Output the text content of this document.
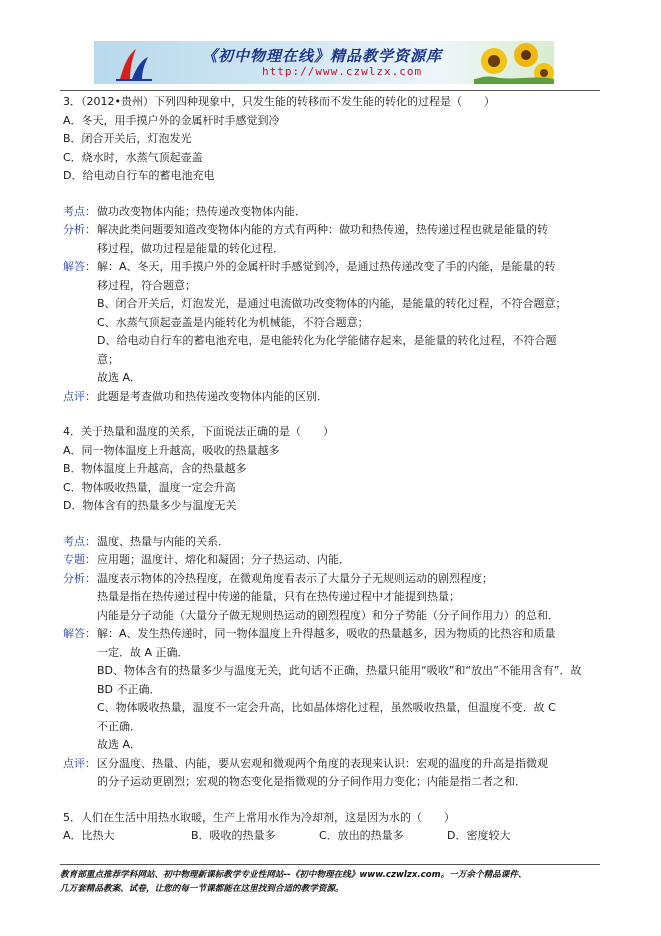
《初中物理在线》精品教学资源库
http://www.czwlzx.com
3．（2012•贵州）下列四种现象中，只发生能的转移而不发生能的转化的过程是（　　）
A．冬天，用手摸户外的金属杆时手感觉到冷
B．闭合开关后，灯泡发光
C．烧水时，水蒸气顶起壶盖
D．给电动自行车的蓄电池充电
考点： 做功改变物体内能；热传递改变物体内能．
分析： 解决此类问题要知道改变物体内能的方式有两种：做功和热传递，热传递过程也就是能量的转
移过程，做功过程是能量的转化过程．
解答： 解：A、冬天，用手摸户外的金属杆时手感觉到冷，是通过热传递改变了手的内能，是能量的转
移过程，符合题意；
B、闭合开关后，灯泡发光，是通过电流做功改变物体的内能，是能量的转化过程，不符合题意；
C、水蒸气顶起壶盖是内能转化为机械能，不符合题意；
D、给电动自行车的蓄电池充电，是电能转化为化学能储存起来，是能量的转化过程，不符合题
意；
故选 A．
点评： 此题是考查做功和热传递改变物体内能的区别．
4．关于热量和温度的关系，下面说法正确的是（　　）
A．同一物体温度上升越高，吸收的热量越多
B．物体温度上升越高，含的热量越多
C．物体吸收热量，温度一定会升高
D．物体含有的热量多少与温度无关
考点： 温度、热量与内能的关系．
专题： 应用题；温度计、熔化和凝固；分子热运动、内能．
分析： 温度表示物体的冷热程度，在微观角度看表示了大量分子无规则运动的剧烈程度；
热量是指在热传递过程中传递的能量，只有在热传递过程中才能提到热量；
内能是分子动能（大量分子做无规则热运动的剧烈程度）和分子势能（分子间作用力）的总和．
解答： 解：A、发生热传递时，同一物体温度上升得越多，吸收的热量越多，因为物质的比热容和质量
一定．故 A 正确．
BD、物体含有的热量多少与温度无关，此句话不正确，热量只能用“吸收”和“放出”不能用含有”．故
BD 不正确．
C、物体吸收热量，温度不一定会升高，比如晶体熔化过程，虽然吸收热量，但温度不变．故 C
不正确．
故选 A．
点评： 区分温度、热量、内能，要从宏观和微观两个角度的表现来认识：宏观的温度的升高是指微观
的分子运动更剧烈；宏观的物态变化是指微观的分子间作用力变化；内能是指二者之和．
5．人们在生活中用热水取暖，生产上常用水作为冷却剂，这是因为水的（　　）
A．比热大	B．吸收的热量多	C．放出的热量多	D．密度较大
教育部重点推荐学科网站、初中物理新课标教学专业性网站--《初中物理在线》www.czwlzx.com。一万余个精品课件、
几万套精品教案、试卷，让您的每一节课都能在这里找到合适的教学资源。
